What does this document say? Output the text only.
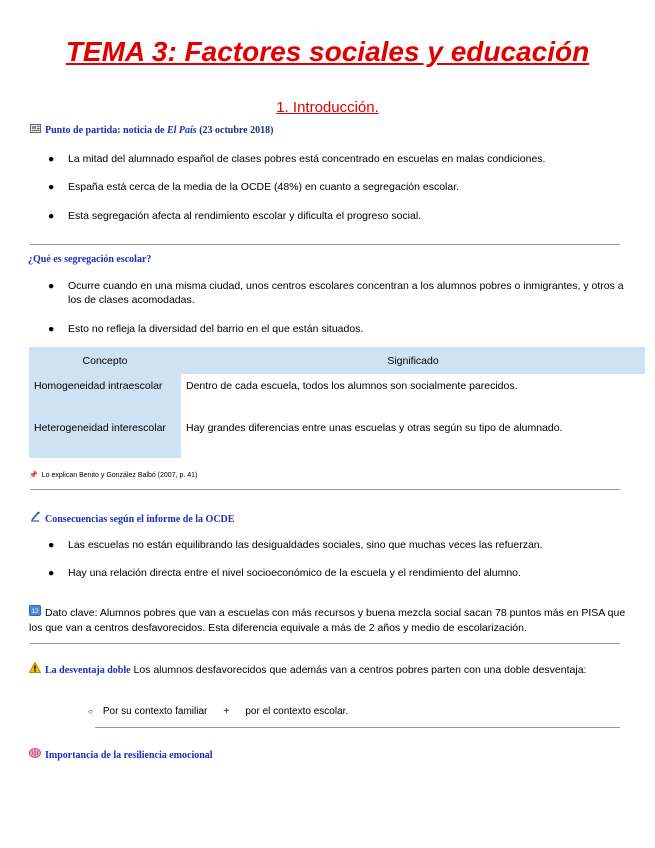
TEMA 3: Factores sociales y educación
1. Introducción.
Punto de partida: noticia de El País (23 octubre 2018)
● La mitad del alumnado español de clases pobres está concentrado en escuelas en malas condiciones.
● España está cerca de la media de la OCDE (48%) en cuanto a segregación escolar.
● Esta segregación afecta al rendimiento escolar y dificulta el progreso social.
¿Qué es segregación escolar?
● Ocurre cuando en una misma ciudad, unos centros escolares concentran a los alumnos pobres o inmigrantes, y otros a los de clases acomodadas.
● Esto no refleja la diversidad del barrio en el que están situados.
Concepto	Significado
Homogeneidad intraescolar	Dentro de cada escuela, todos los alumnos son socialmente parecidos.
Heterogeneidad interescolar	Hay grandes diferencias entre unas escuelas y otras según su tipo de alumnado.
📌 Lo explican Benito y González Balbó (2007, p. 41)
Consecuencias según el informe de la OCDE
● Las escuelas no están equilibrando las desigualdades sociales, sino que muchas veces las refuerzan.
● Hay una relación directa entre el nivel socioeconómico de la escuela y el rendimiento del alumno.
12 Dato clave: Alumnos pobres que van a escuelas con más recursos y buena mezcla social sacan 78 puntos más en PISA que los que van a centros desfavorecidos. Esta diferencia equivale a más de 2 años y medio de escolarización.
La desventaja doble Los alumnos desfavorecidos que además van a centros pobres parten con una doble desventaja:
○ Por su contexto familiar + por el contexto escolar.
Importancia de la resiliencia emocional
